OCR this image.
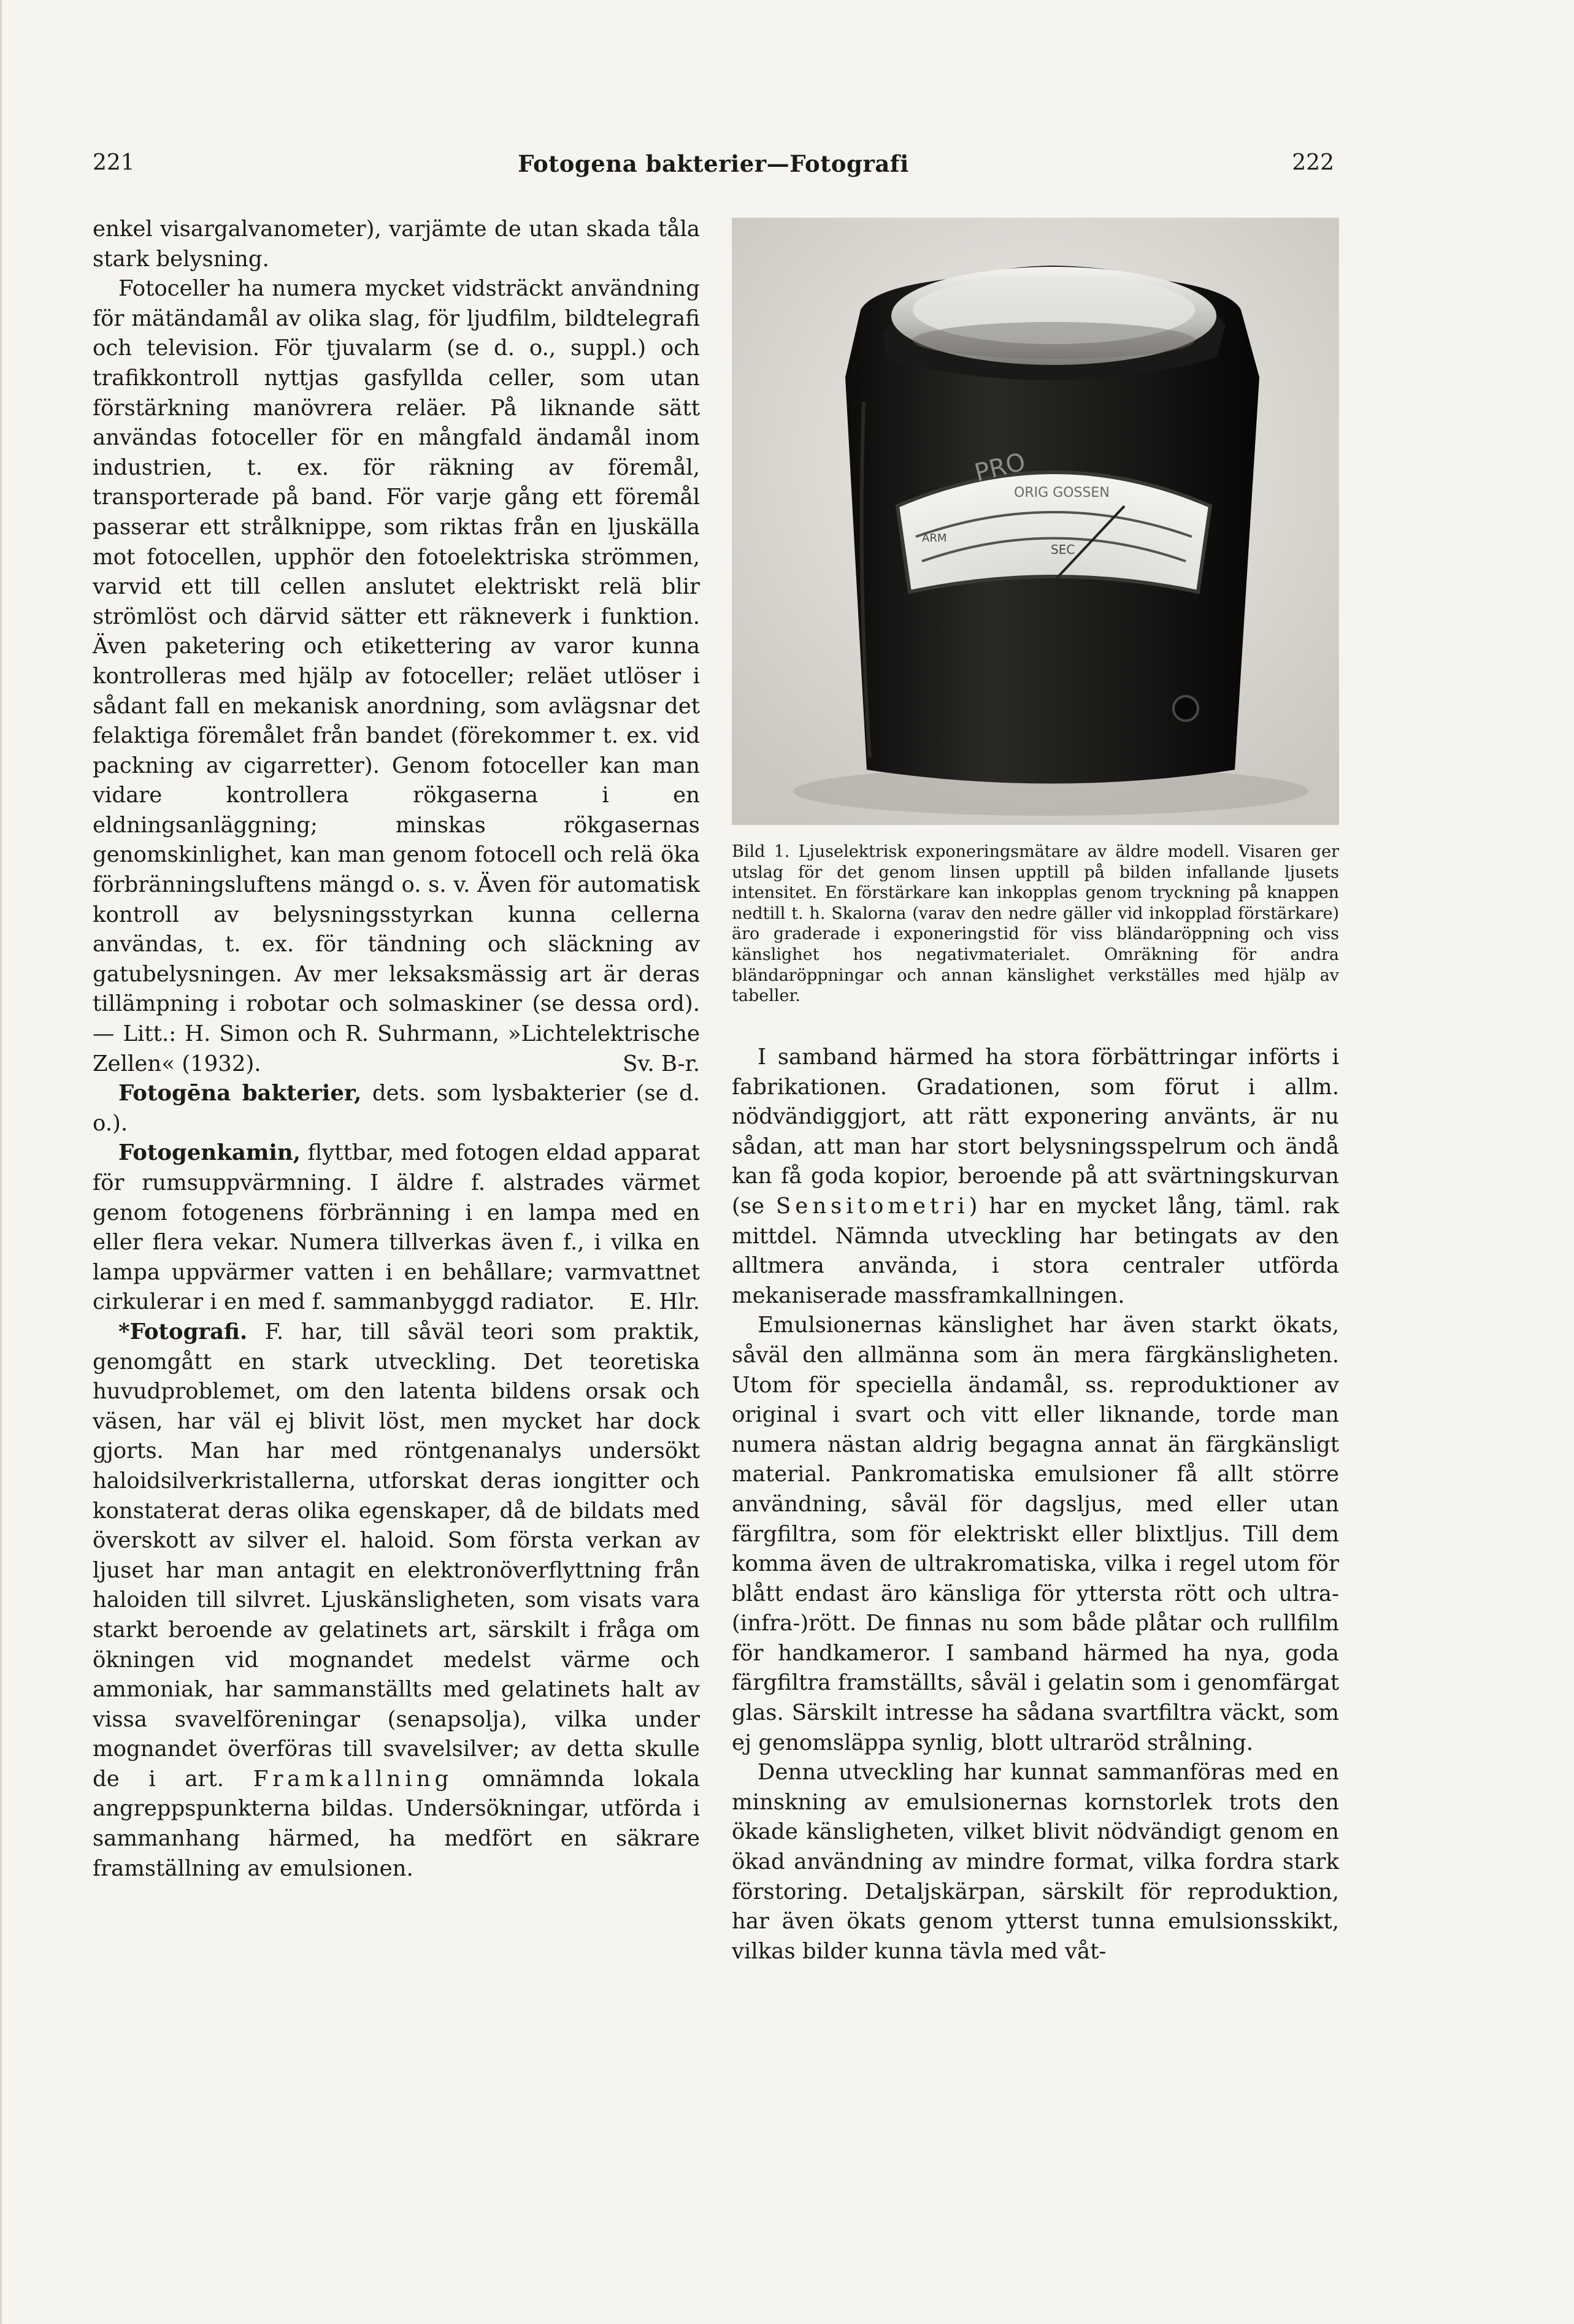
221	Fotogena bakterier—Fotografi	222

enkel visargalvanometer), varjämte de utan skada tåla stark belysning.

Fotoceller ha numera mycket vidsträckt användning för mätändamål av olika slag, för ljudfilm, bildtelegrafi och television. För tjuvalarm (se d. o., suppl.) och trafikkontroll nyttjas gasfyllda celler, som utan förstärkning manövrera reläer. På liknande sätt användas fotoceller för en mångfald ändamål inom industrien, t. ex. för räkning av föremål, transporterade på band. För varje gång ett föremål passerar ett strålknippe, som riktas från en ljuskälla mot fotocellen, upphör den fotoelektriska strömmen, varvid ett till cellen anslutet elektriskt relä blir strömlöst och därvid sätter ett räkneverk i funktion. Även paketering och etikettering av varor kunna kontrolleras med hjälp av fotoceller; reläet utlöser i sådant fall en mekanisk anordning, som avlägsnar det felaktiga föremålet från bandet (förekommer t. ex. vid packning av cigarretter). Genom fotoceller kan man vidare kontrollera rökgaserna i en eldningsanläggning; minskas rökgasernas genomskinlighet, kan man genom fotocell och relä öka förbränningsluftens mängd o. s. v. Även för automatisk kontroll av belysningsstyrkan kunna cellerna användas, t. ex. för tändning och släckning av gatubelysningen. Av mer leksaksmässig art är deras tillämpning i robotar och solmaskiner (se dessa ord). — Litt.: H. Simon och R. Suhrmann, »Lichtelektrische Zellen« (1932).	Sv. B-r.

Fotogēna bakterier, dets. som lysbakterier (se d. o.).

Fotogenkamin, flyttbar, med fotogen eldad apparat för rumsuppvärmning. I äldre f. alstrades värmet genom fotogenens förbränning i en lampa med en eller flera vekar. Numera tillverkas även f., i vilka en lampa uppvärmer vatten i en behållare; varmvattnet cirkulerar i en med f. sammanbyggd radiator.	E. Hlr.

*Fotografi. F. har, till såväl teori som praktik, genomgått en stark utveckling. Det teoretiska huvudproblemet, om den latenta bildens orsak och väsen, har väl ej blivit löst, men mycket har dock gjorts. Man har med röntgenanalys undersökt haloidsilverkristallerna, utforskat deras iongitter och konstaterat deras olika egenskaper, då de bildats med överskott av silver el. haloid. Som första verkan av ljuset har man antagit en elektronöverflyttning från haloiden till silvret. Ljuskänsligheten, som visats vara starkt beroende av gelatinets art, särskilt i fråga om ökningen vid mognandet medelst värme och ammoniak, har sammanställts med gelatinets halt av vissa svavelföreningar (senapsolja), vilka under mognandet överföras till svavelsilver; av detta skulle de i art. Framkallning omnämnda lokala angreppspunkterna bildas. Undersökningar, utförda i sammanhang härmed, ha medfört en säkrare framställning av emulsionen.

ORIG GOSSEN
PRO
SEC
ARM

Bild 1. Ljuselektrisk exponeringsmätare av äldre modell. Visaren ger utslag för det genom linsen upptill på bilden infallande ljusets intensitet. En förstärkare kan inkopplas genom tryckning på knappen nedtill t. h. Skalorna (varav den nedre gäller vid inkopplad förstärkare) äro graderade i exponeringstid för viss bländaröppning och viss känslighet hos negativmaterialet. Omräkning för andra bländaröppningar och annan känslighet verkställes med hjälp av tabeller.

I samband härmed ha stora förbättringar införts i fabrikationen. Gradationen, som förut i allm. nödvändiggjort, att rätt exponering använts, är nu sådan, att man har stort belysningsspelrum och ändå kan få goda kopior, beroende på att svärtningskurvan (se Sensitometri) har en mycket lång, täml. rak mittdel. Nämnda utveckling har betingats av den alltmera använda, i stora centraler utförda mekaniserade massframkallningen.

Emulsionernas känslighet har även starkt ökats, såväl den allmänna som än mera färgkänsligheten. Utom för speciella ändamål, ss. reproduktioner av original i svart och vitt eller liknande, torde man numera nästan aldrig begagna annat än färgkänsligt material. Pankromatiska emulsioner få allt större användning, såväl för dagsljus, med eller utan färgfiltra, som för elektriskt eller blixtljus. Till dem komma även de ultrakromatiska, vilka i regel utom för blått endast äro känsliga för yttersta rött och ultra- (infra-)rött. De finnas nu som både plåtar och rullfilm för handkameror. I samband härmed ha nya, goda färgfiltra framställts, såväl i gelatin som i genomfärgat glas. Särskilt intresse ha sådana svartfiltra väckt, som ej genomsläppa synlig, blott ultraröd strålning.

Denna utveckling har kunnat sammanföras med en minskning av emulsionernas kornstorlek trots den ökade känsligheten, vilket blivit nödvändigt genom en ökad användning av mindre format, vilka fordra stark förstoring. Detaljskärpan, särskilt för reproduktion, har även ökats genom ytterst tunna emulsionsskikt, vilkas bilder kunna tävla med våt-
